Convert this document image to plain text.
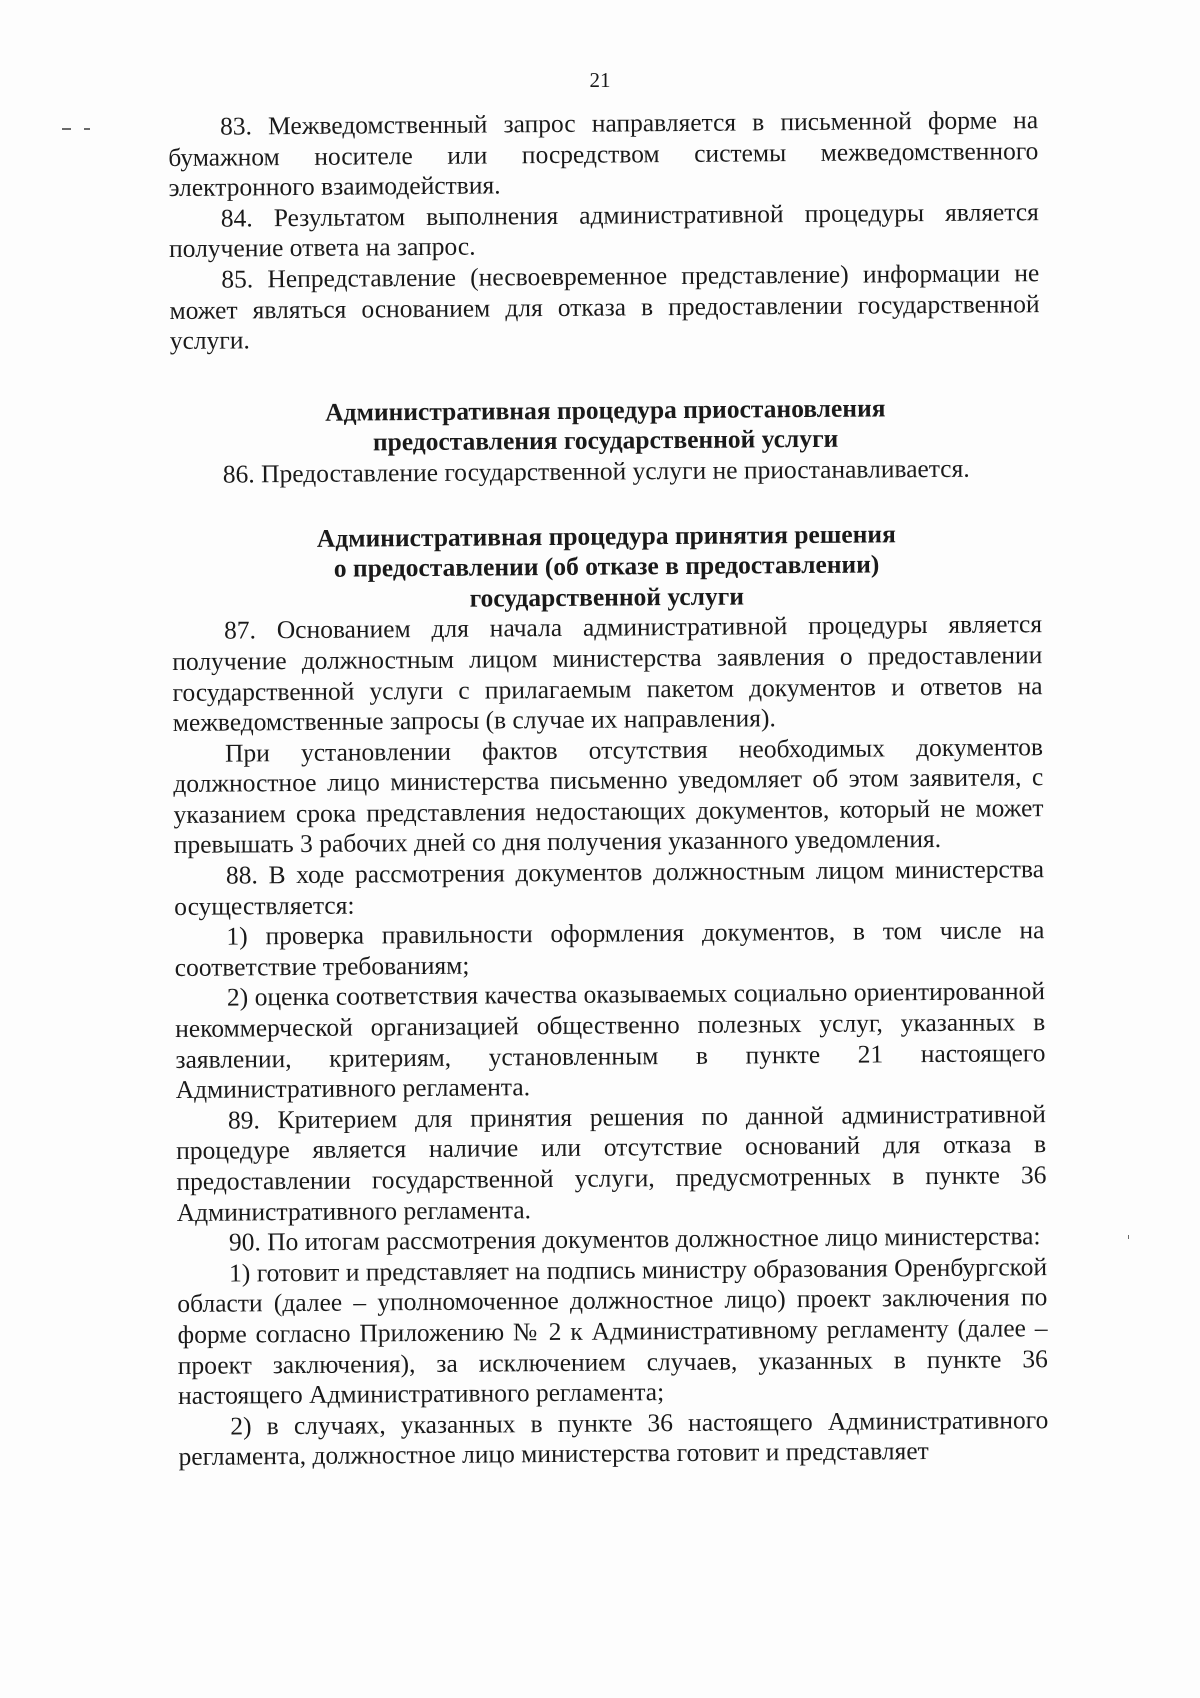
21

83. Межведомственный запрос направляется в письменной форме на бумажном носителе или посредством системы межведомственного электронного взаимодействия.

84. Результатом выполнения административной процедуры является получение ответа на запрос.

85. Непредставление (несвоевременное представление) информации не может являться основанием для отказа в предоставлении государственной услуги.

Административная процедура приостановления

предоставления государственной услуги

86. Предоставление государственной услуги не приостанавливается.

Административная процедура принятия решения

о предоставлении (об отказе в предоставлении)

государственной услуги

87. Основанием для начала административной процедуры является получение должностным лицом министерства заявления о предоставлении государственной услуги с прилагаемым пакетом документов и ответов на межведомственные запросы (в случае их направления).

При установлении фактов отсутствия необходимых документов должностное лицо министерства письменно уведомляет об этом заявителя, с указанием срока представления недостающих документов, который не может превышать 3 рабочих дней со дня получения указанного уведомления.

88. В ходе рассмотрения документов должностным лицом министерства осуществляется:

1) проверка правильности оформления документов, в том числе на соответствие требованиям;

2) оценка соответствия качества оказываемых социально ориентированной некоммерческой организацией общественно полезных услуг, указанных в заявлении, критериям, установленным в пункте 21 настоящего Административного регламента.

89. Критерием для принятия решения по данной административной процедуре является наличие или отсутствие оснований для отказа в предоставлении государственной услуги, предусмотренных в пункте 36 Административного регламента.

90. По итогам рассмотрения документов должностное лицо министерства:

1) готовит и представляет на подпись министру образования Оренбургской области (далее – уполномоченное должностное лицо) проект заключения по форме согласно Приложению № 2 к Административному регламенту (далее – проект заключения), за исключением случаев, указанных в пункте 36 настоящего Административного регламента;

2) в случаях, указанных в пункте 36 настоящего Административного регламента, должностное лицо министерства готовит и представляет
